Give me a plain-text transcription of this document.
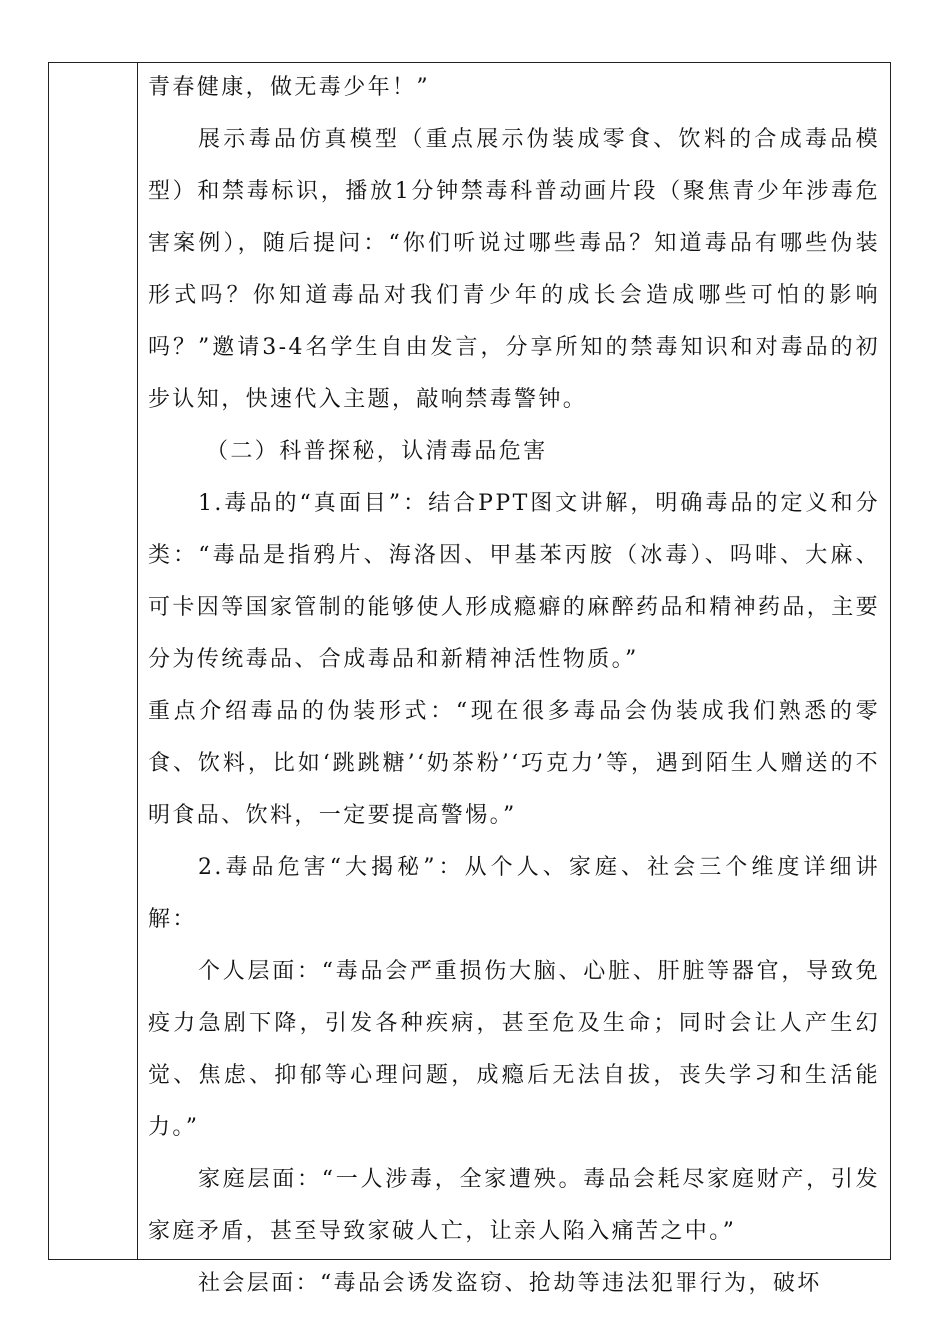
青春健康，做无毒少年！”

展示毒品仿真模型（重点展示伪装成零食、饮料的合成毒品模型）和禁毒标识，播放1分钟禁毒科普动画片段（聚焦青少年涉毒危害案例），随后提问：“你们听说过哪些毒品？知道毒品有哪些伪装形式吗？你知道毒品对我们青少年的成长会造成哪些可怕的影响吗？”邀请3-4名学生自由发言，分享所知的禁毒知识和对毒品的初步认知，快速代入主题，敲响禁毒警钟。

（二）科普探秘，认清毒品危害

1.毒品的“真面目”：结合PPT图文讲解，明确毒品的定义和分类：“毒品是指鸦片、海洛因、甲基苯丙胺（冰毒）、吗啡、大麻、可卡因等国家管制的能够使人形成瘾癖的麻醉药品和精神药品，主要分为传统毒品、合成毒品和新精神活性物质。”

重点介绍毒品的伪装形式：“现在很多毒品会伪装成我们熟悉的零食、饮料，比如‘跳跳糖’‘奶茶粉’‘巧克力’等，遇到陌生人赠送的不明食品、饮料，一定要提高警惕。”

2.毒品危害“大揭秘”：从个人、家庭、社会三个维度详细讲解：

个人层面：“毒品会严重损伤大脑、心脏、肝脏等器官，导致免疫力急剧下降，引发各种疾病，甚至危及生命；同时会让人产生幻觉、焦虑、抑郁等心理问题，成瘾后无法自拔，丧失学习和生活能力。”

家庭层面：“一人涉毒，全家遭殃。毒品会耗尽家庭财产，引发家庭矛盾，甚至导致家破人亡，让亲人陷入痛苦之中。”

社会层面：“毒品会诱发盗窃、抢劫等违法犯罪行为，破坏
